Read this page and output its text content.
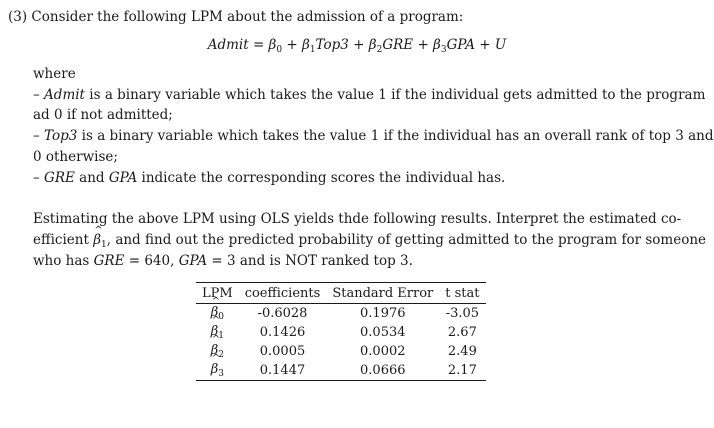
(3) Consider the following LPM about the admission of a program:
Admit = $\beta_0 + \beta_1Top3 + \beta_2GRE + \beta_3GPA + U$
where
– Admit is a binary variable which takes the value 1 if the individual gets admitted to the program
ad 0 if not admitted;
– Top3 is a binary variable which takes the value 1 if the individual has an overall rank of top 3 and
0 otherwise;
– GRE and GPA indicate the corresponding scores the individual has.
Estimating the above LPM using OLS yields thde following results. Interpret the estimated co-
efficient ^ $\beta_1$, and find out the predicted probability of getting admitted to the program for someone
who has GRE = 640, GPA = 3 and is NOT ranked top 3.
LPM	coefficients	Standard Error	t stat
^ $\beta_0$	-0.6028	0.1976	-3.05
^ $\beta_1$	0.1426	0.0534	2.67
^ $\beta_2$	0.0005	0.0002	2.49
^ $\beta_3$	0.1447	0.0666	2.17
